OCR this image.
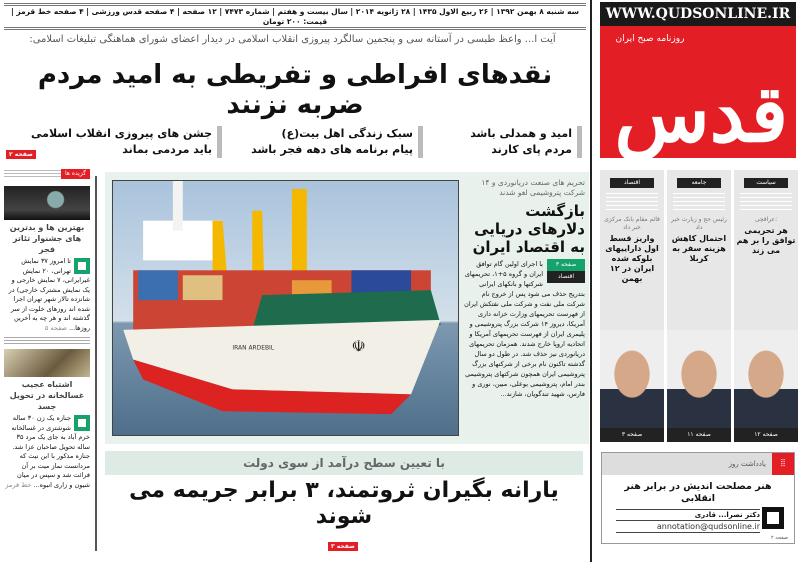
سه شنبه ۸ بهمن ۱۳۹۲ | ۲۶ ربیع الاول ۱۴۳۵ | ۲۸ ژانویه ۲۰۱۴ | سال بیست و هفتم | شماره ۷۴۷۳ | ۱۲ صفحه | ۴ صفحه قدس ورزشی | ۴ صفحه خط قرمز | قیمت: ۲۰۰ تومان
آیت ا... واعظ طبسی در آستانه سی و پنجمین سالگرد پیروزی انقلاب اسلامی در دیدار اعضای شورای هماهنگی تبلیغات اسلامی:
نقدهای افراطی و تفریطی به امید مردم ضربه نزنند
امید و همدلی باشد
مردم پای کارند
سبک زندگی اهل بیت(ع)
پیام برنامه های دهه فجر باشد
جشن های پیروزی انقلاب اسلامی
باید مردمی بماند
صفحه ۲
گزیده ها
بهترین ها و بدترین های جشنوار تئاتر فجر
تا امروز ۳۷ نمایش تهرانی، ۲۰ نمایش غیرایرانی، ۷ نمایش خارجی و یک نمایش مشترک خارجی) در شانزده تالار شهر تهران اجرا شده اند روزهای خلوت از سر گذشته اند و هر چه به آخرین روزها... صفحه ۵
اشتباه عجیب غسالخانه در تحویل جسد
جنازه یک زن ۳۰ ساله شوشتری در غسالخانه خرم آباد به جای یک مرد ۳۵ ساله تحویل صاحبان عزا شد. جنازه مذکور با این نیت که مردانست نماز میت بر آن قرائت شد و سپس در میان شیون و زاری انبوه... خط قرمز
☫
IRAN ARDEBIL
تحریم های صنعت دریانوردی و ۱۴ شرکت پتروشیمی لغو شدند
بازگشت دلارهای دریایی به اقتصاد ایران
صفحه ۳
اقتصاد
با اجرای اولین گام توافق ایران و گروه ۵+۱، تحریمهای شرکتها و بانکهای ایرانی بتدریج حذف می شود پس از خروج نام شرکت ملی نفت و شرکت ملی نفتکش ایران از فهرست تحریمهای وزارت خزانه داری آمریکا، دیروز ۱۴ شرکت بزرگ پتروشیمی و پلیمری ایران از فهرست تحریمهای آمریکا و اتحادیه اروپا خارج شدند. همزمان تحریمهای دریانوردی نیز حذف شد. در طول دو سال گذشته تاکنون نام برخی از شرکتهای بزرگ پتروشیمی ایران همچون شرکتهای پتروشیمی بندر امام، پتروشیمی بوعلی، مبین، نوری و فارس، شهید تندگویان، شازند...
با تعیین سطح درآمد از سوی دولت
یارانه بگیران ثروتمند، ۳ برابر جریمه می شوند
صفحه ۳
WWW.QUDSONLINE.IR
روزنامه صبح ایران
قدس
سیاست
عراقچی:
هر تحریمی توافق را بر هم می زند
صفحه ۱۲
جامعه
رئیس حج و زیارت خبر داد
احتمال کاهش هزینه سفر به کربلا
صفحه ۱۱
اقتصاد
قائم مقام بانک مرکزی خبر داد
واریز قسط اول داراییهای بلوکه شده ایران در ۱۲ بهمن
صفحه ۳
⦙⦙
یادداشت روز
هنر مصلحت اندیش در برابر هنر انقلابی
دکتر نصرا... قادری
annotation@qudsonline.ir
صفحه ۲
